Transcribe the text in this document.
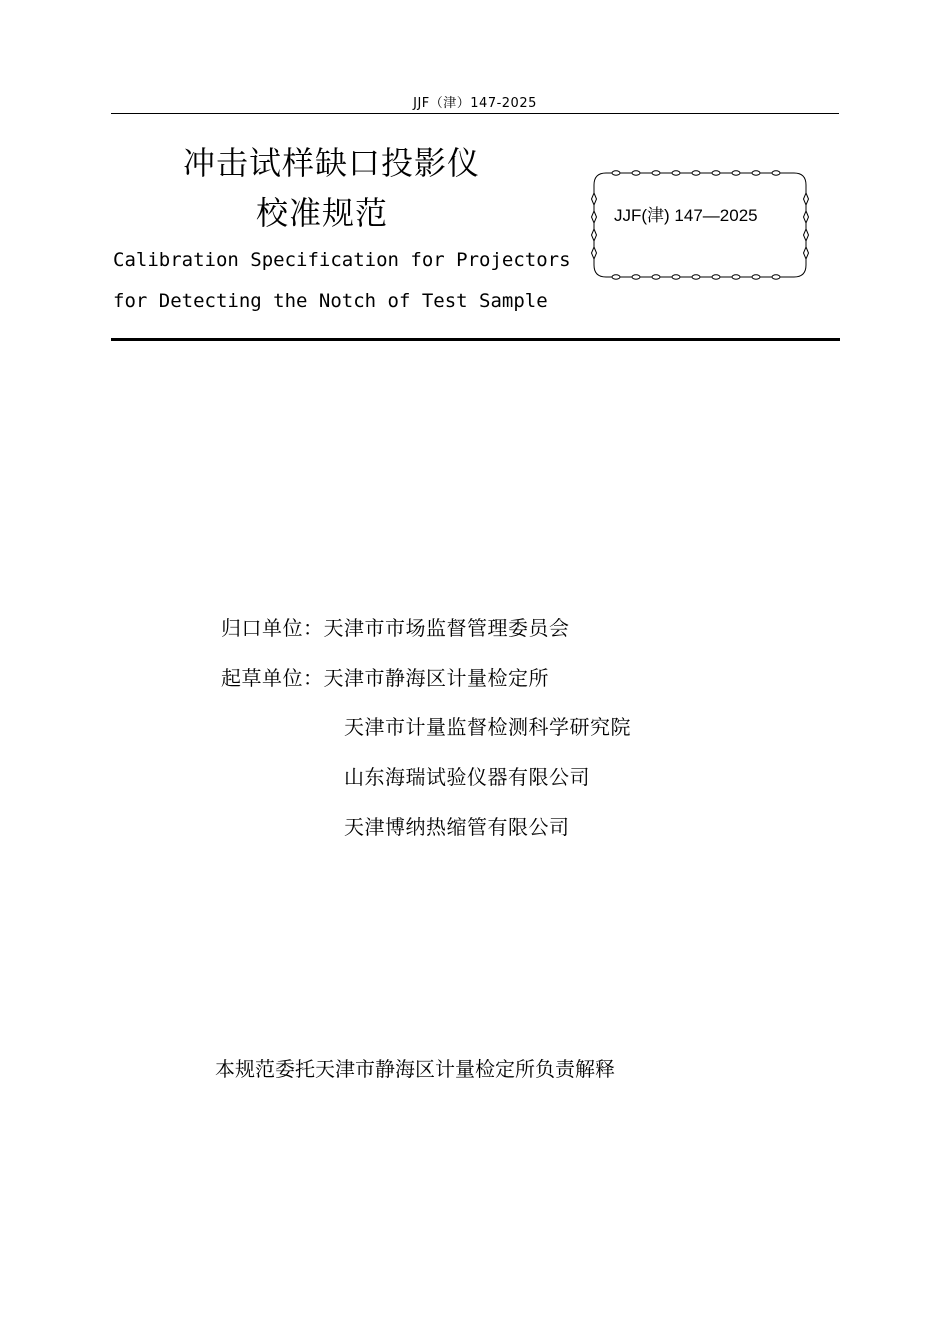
JJF（津）147-2025
冲击试样缺口投影仪
校准规范
Calibration Specification for Projectors
for Detecting the Notch of Test Sample
JJF(津) 147—2025
归口单位：天津市市场监督管理委员会
起草单位：天津市静海区计量检定所
天津市计量监督检测科学研究院
山东海瑞试验仪器有限公司
天津博纳热缩管有限公司
本规范委托天津市静海区计量检定所负责解释
